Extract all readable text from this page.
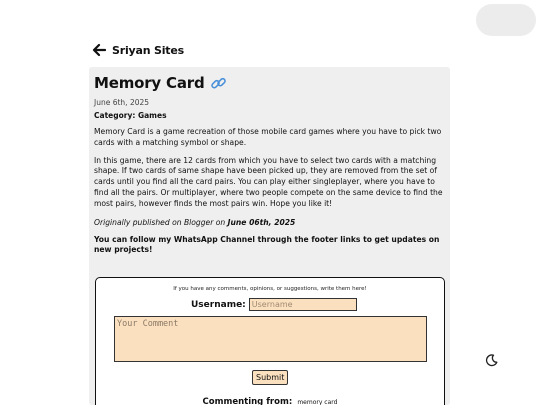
Sriyan Sites
Memory Card
June 6th, 2025
Category: Games

Memory Card is a game recreation of those mobile card games where you have to pick two cards with a matching symbol or shape.

In this game, there are 12 cards from which you have to select two cards with a matching shape. If two cards of same shape have been picked up, they are removed from the set of cards until you find all the card pairs. You can play either singleplayer, where you have to find all the pairs. Or multiplayer, where two people compete on the same device to find the most pairs, however finds the most pairs win. Hope you like it!

Originally published on Blogger on June 06th, 2025
You can follow my WhatsApp Channel through the footer links to get updates on new projects!
If you have any comments, opinions, or suggestions, write them here!
Username:
Username
Your Comment
Submit
Commenting from: memory card
